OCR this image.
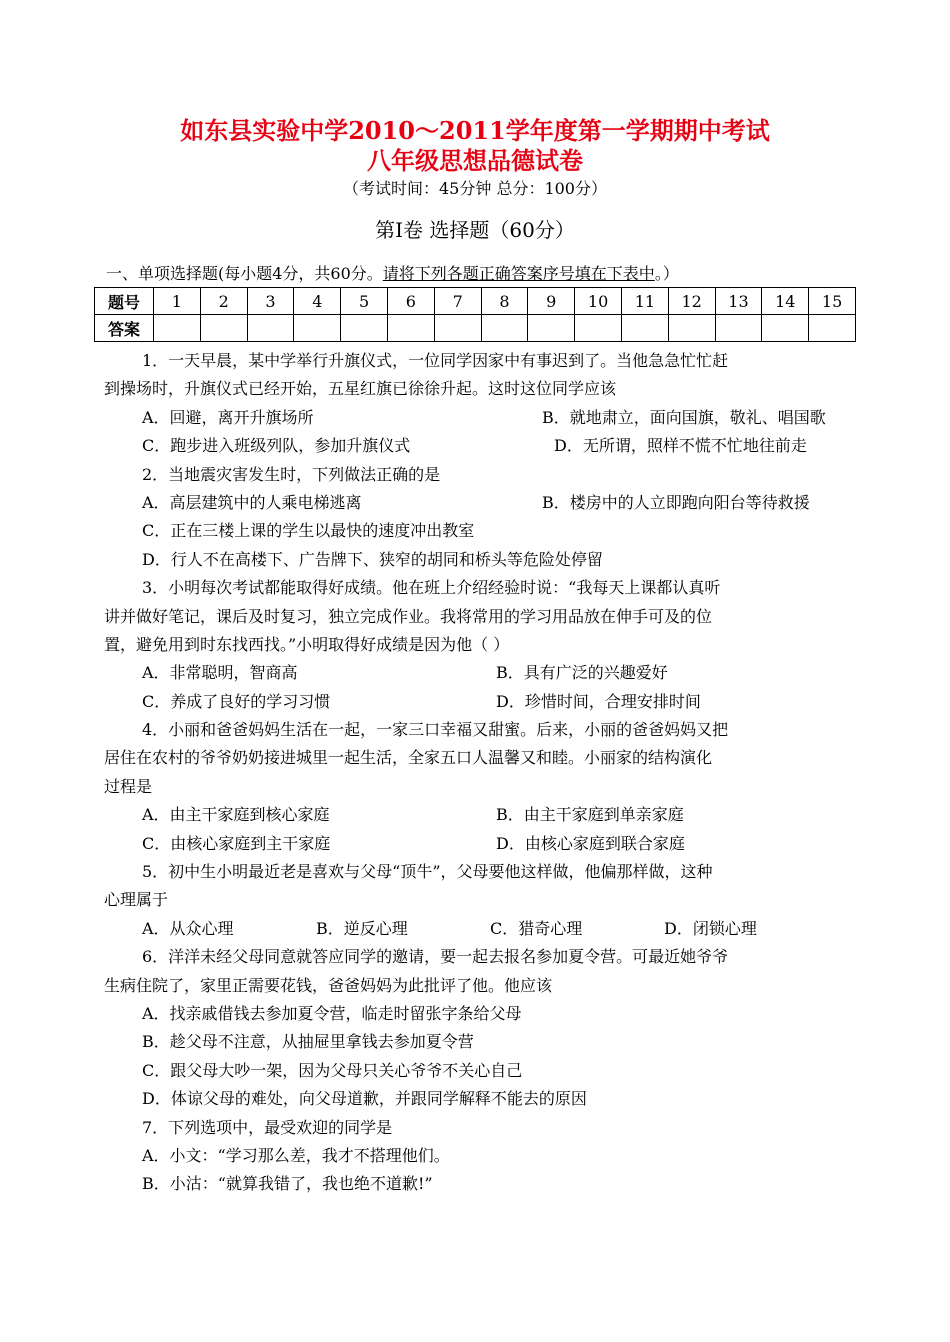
如东县实验中学2010～2011学年度第一学期期中考试
八年级思想品德试卷
（考试时间：45分钟 总分：100分）
第Ⅰ卷 选择题（60分）
一、单项选择题(每小题4分，共60分。请将下列各题正确答案序号填在下表中。）
题号	1	2	3	4	5	6	7	8	9	10	11	12	13	14	15
答案															
1．一天早晨，某中学举行升旗仪式，一位同学因家中有事迟到了。当他急急忙忙赶
到操场时，升旗仪式已经开始，五星红旗已徐徐升起。这时这位同学应该
A．回避，离开升旗场所	B．就地肃立，面向国旗，敬礼、唱国歌
C．跑步进入班级列队，参加升旗仪式	D．无所谓，照样不慌不忙地往前走
2．当地震灾害发生时，下列做法正确的是
A．高层建筑中的人乘电梯逃离	B．楼房中的人立即跑向阳台等待救援
C．正在三楼上课的学生以最快的速度冲出教室
D．行人不在高楼下、广告牌下、狭窄的胡同和桥头等危险处停留
3．小明每次考试都能取得好成绩。他在班上介绍经验时说：“我每天上课都认真听
讲并做好笔记，课后及时复习，独立完成作业。我将常用的学习用品放在伸手可及的位
置，避免用到时东找西找。”小明取得好成绩是因为他（ ）
A．非常聪明，智商高	B．具有广泛的兴趣爱好
C．养成了良好的学习习惯	D．珍惜时间，合理安排时间
4．小丽和爸爸妈妈生活在一起，一家三口幸福又甜蜜。后来，小丽的爸爸妈妈又把
居住在农村的爷爷奶奶接进城里一起生活，全家五口人温馨又和睦。小丽家的结构演化
过程是
A．由主干家庭到核心家庭	B．由主干家庭到单亲家庭
C．由核心家庭到主干家庭	D．由核心家庭到联合家庭
5．初中生小明最近老是喜欢与父母“顶牛”，父母要他这样做，他偏那样做，这种
心理属于
A．从众心理	B．逆反心理	C．猎奇心理	D．闭锁心理
6．洋洋未经父母同意就答应同学的邀请，要一起去报名参加夏令营。可最近她爷爷
生病住院了，家里正需要花钱，爸爸妈妈为此批评了他。他应该
A．找亲戚借钱去参加夏令营，临走时留张字条给父母
B．趁父母不注意，从抽屉里拿钱去参加夏令营
C．跟父母大吵一架，因为父母只关心爷爷不关心自己
D．体谅父母的难处，向父母道歉，并跟同学解释不能去的原因
7．下列选项中，最受欢迎的同学是
A．小文：“学习那么差，我才不搭理他们。
B．小沽：“就算我错了，我也绝不道歉!”
